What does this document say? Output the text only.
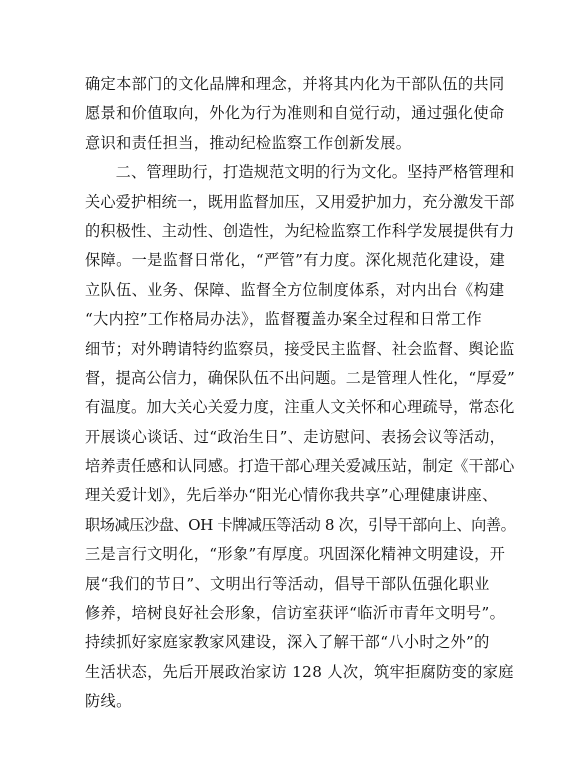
确定本部门的文化品牌和理念，并将其内化为干部队伍的共同
愿景和价值取向，外化为行为准则和自觉行动，通过强化使命
意识和责任担当，推动纪检监察工作创新发展。
　　二、管理助行，打造规范文明的行为文化。坚持严格管理和
关心爱护相统一，既用监督加压，又用爱护加力，充分激发干部
的积极性、主动性、创造性，为纪检监察工作科学发展提供有力
保障。一是监督日常化，“严管”有力度。深化规范化建设，建
立队伍、业务、保障、监督全方位制度体系，对内出台《构建
“大内控”工作格局办法》，监督覆盖办案全过程和日常工作
细节；对外聘请特约监察员，接受民主监督、社会监督、舆论监
督，提高公信力，确保队伍不出问题。二是管理人性化，“厚爱”
有温度。加大关心关爱力度，注重人文关怀和心理疏导，常态化
开展谈心谈话、过“政治生日”、走访慰问、表扬会议等活动，
培养责任感和认同感。打造干部心理关爱减压站，制定《干部心
理关爱计划》，先后举办“阳光心情你我共享”心理健康讲座、
职场减压沙盘、OH 卡牌减压等活动 8 次，引导干部向上、向善。
三是言行文明化，“形象”有厚度。巩固深化精神文明建设，开
展“我们的节日”、文明出行等活动，倡导干部队伍强化职业
修养，培树良好社会形象，信访室获评“临沂市青年文明号”。
持续抓好家庭家教家风建设，深入了解干部“八小时之外”的
生活状态，先后开展政治家访 128 人次，筑牢拒腐防变的家庭
防线。
